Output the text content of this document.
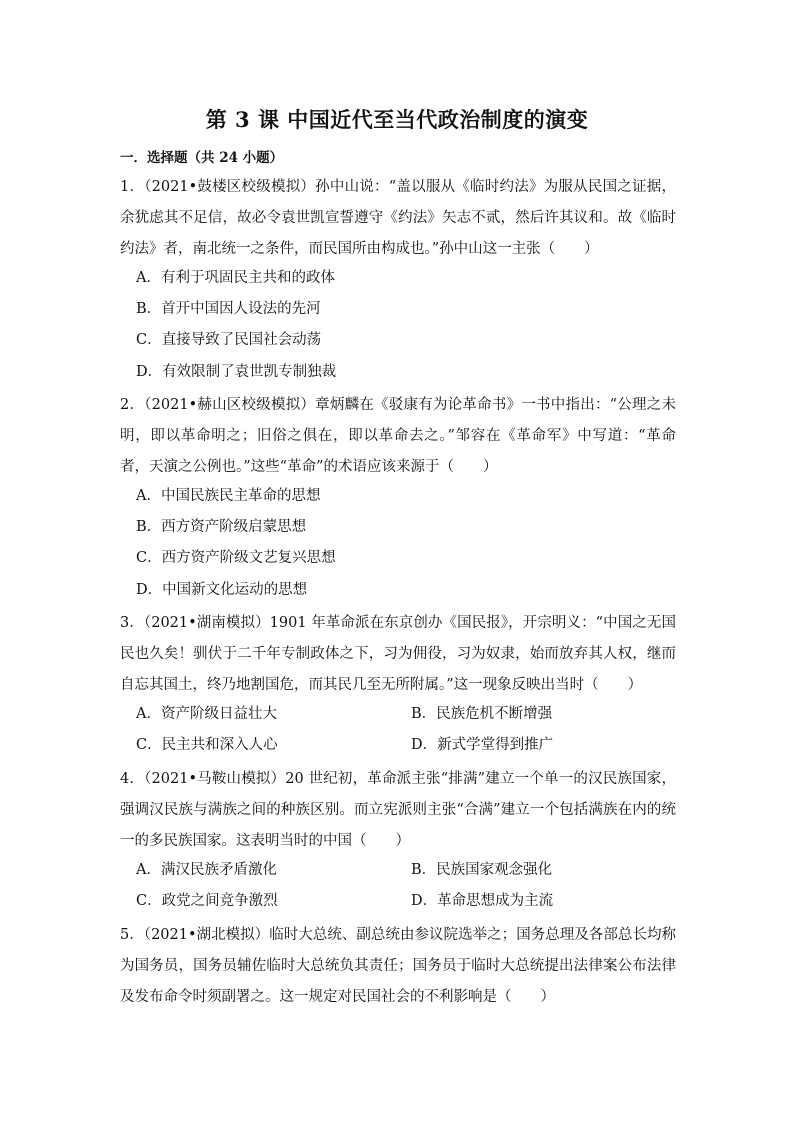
第 3 课 中国近代至当代政治制度的演变
一．选择题（共 24 小题）
1．（2021•鼓楼区校级模拟）孙中山说：“盖以服从《临时约法》为服从民国之证据，余犹虑其不足信，故必令袁世凯宣誓遵守《约法》矢志不贰，然后许其议和。故《临时约法》者，南北统一之条件，而民国所由构成也。”孙中山这一主张（　　）
A．有利于巩固民主共和的政体
B．首开中国因人设法的先河
C．直接导致了民国社会动荡
D．有效限制了袁世凯专制独裁
2．（2021•赫山区校级模拟）章炳麟在《驳康有为论革命书》一书中指出：“公理之未明，即以革命明之；旧俗之俱在，即以革命去之。”邹容在《革命军》中写道：“革命者，天演之公例也。”这些“革命”的术语应该来源于（　　）
A．中国民族民主革命的思想
B．西方资产阶级启蒙思想
C．西方资产阶级文艺复兴思想
D．中国新文化运动的思想
3．（2021•湖南模拟）1901 年革命派在东京创办《国民报》，开宗明义：“中国之无国民也久矣！驯伏于二千年专制政体之下，习为佣役，习为奴隶，始而放弃其人权，继而自忘其国土，终乃地割国危，而其民几至无所附属。”这一现象反映出当时（　　）
A．资产阶级日益壮大	B．民族危机不断增强
C．民主共和深入人心	D．新式学堂得到推广
4．（2021•马鞍山模拟）20 世纪初，革命派主张“排满”建立一个单一的汉民族国家，强调汉民族与满族之间的种族区别。而立宪派则主张“合满”建立一个包括满族在内的统一的多民族国家。这表明当时的中国（　　）
A．满汉民族矛盾激化	B．民族国家观念强化
C．政党之间竞争激烈	D．革命思想成为主流
5．（2021•湖北模拟）临时大总统、副总统由参议院选举之；国务总理及各部总长均称为国务员，国务员辅佐临时大总统负其责任；国务员于临时大总统提出法律案公布法律及发布命令时须副署之。这一规定对民国社会的不利影响是（　　）
